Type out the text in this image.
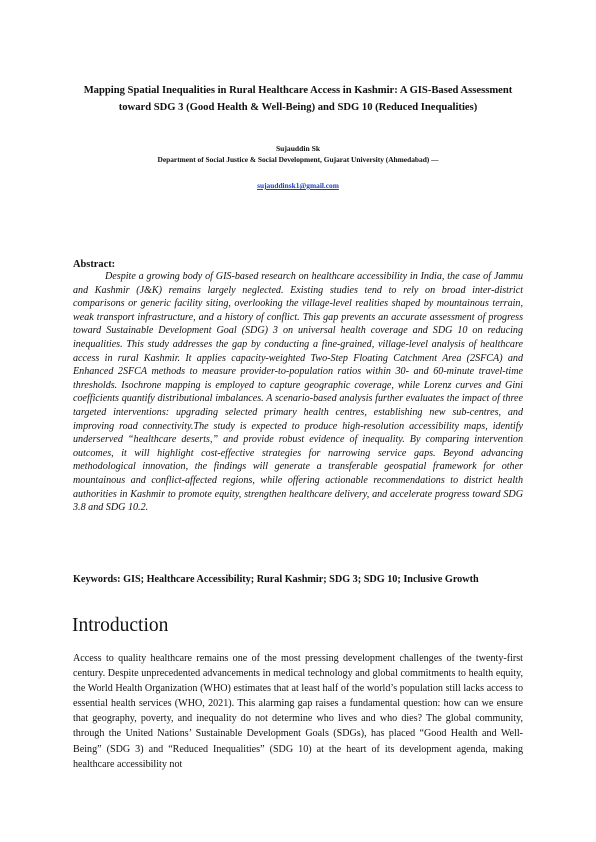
Mapping Spatial Inequalities in Rural Healthcare Access in Kashmir: A GIS-Based Assessment toward SDG 3 (Good Health & Well-Being) and SDG 10 (Reduced Inequalities)
Sujauddin Sk
Department of Social Justice & Social Development, Gujarat University (Ahmedabad) —
sujauddinsk1@gmail.com
Abstract:

Despite a growing body of GIS-based research on healthcare accessibility in India, the case of Jammu and Kashmir (J&K) remains largely neglected. Existing studies tend to rely on broad inter-district comparisons or generic facility siting, overlooking the village-level realities shaped by mountainous terrain, weak transport infrastructure, and a history of conflict. This gap prevents an accurate assessment of progress toward Sustainable Development Goal (SDG) 3 on universal health coverage and SDG 10 on reducing inequalities. This study addresses the gap by conducting a fine-grained, village-level analysis of healthcare access in rural Kashmir. It applies capacity-weighted Two-Step Floating Catchment Area (2SFCA) and Enhanced 2SFCA methods to measure provider-to-population ratios within 30- and 60-minute travel-time thresholds. Isochrone mapping is employed to capture geographic coverage, while Lorenz curves and Gini coefficients quantify distributional imbalances. A scenario-based analysis further evaluates the impact of three targeted interventions: upgrading selected primary health centres, establishing new sub-centres, and improving road connectivity.The study is expected to produce high-resolution accessibility maps, identify underserved “healthcare deserts,” and provide robust evidence of inequality. By comparing intervention outcomes, it will highlight cost-effective strategies for narrowing service gaps. Beyond advancing methodological innovation, the findings will generate a transferable geospatial framework for other mountainous and conflict-affected regions, while offering actionable recommendations to district health authorities in Kashmir to promote equity, strengthen healthcare delivery, and accelerate progress toward SDG 3.8 and SDG 10.2.

Keywords: GIS; Healthcare Accessibility; Rural Kashmir; SDG 3; SDG 10; Inclusive Growth
Introduction

Access to quality healthcare remains one of the most pressing development challenges of the twenty-first century. Despite unprecedented advancements in medical technology and global commitments to health equity, the World Health Organization (WHO) estimates that at least half of the world’s population still lacks access to essential health services (WHO, 2021). This alarming gap raises a fundamental question: how can we ensure that geography, poverty, and inequality do not determine who lives and who dies? The global community, through the United Nations’ Sustainable Development Goals (SDGs), has placed “Good Health and Well-Being” (SDG 3) and “Reduced Inequalities” (SDG 10) at the heart of its development agenda, making healthcare accessibility not
